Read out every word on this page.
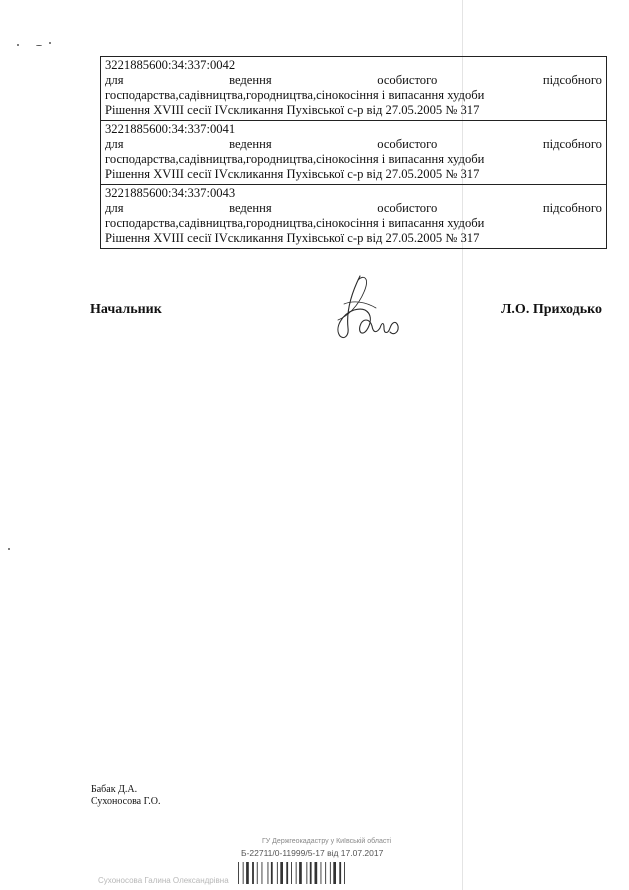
3221885600:34:337:0042
для	ведення	особистого	підсобного
господарства,садівництва,городництва,сінокосіння і випасання худоби
Рішення XVIII сесії IVскликання Пухівської с-р від 27.05.2005 № 317
3221885600:34:337:0041
для	ведення	особистого	підсобного
господарства,садівництва,городництва,сінокосіння і випасання худоби
Рішення XVIII сесії IVскликання Пухівської с-р від 27.05.2005 № 317
3221885600:34:337:0043
для	ведення	особистого	підсобного
господарства,садівництва,городництва,сінокосіння і випасання худоби
Рішення XVIII сесії IVскликання Пухівської с-р від 27.05.2005 № 317
Начальник	Л.О. Приходько
Бабак Д.А.
Сухоносова Г.О.
ГУ Держгеокадастру у Київській області
Б-22711/0-11999/5-17 від 17.07.2017
Сухоносова Галина Олександрівна
